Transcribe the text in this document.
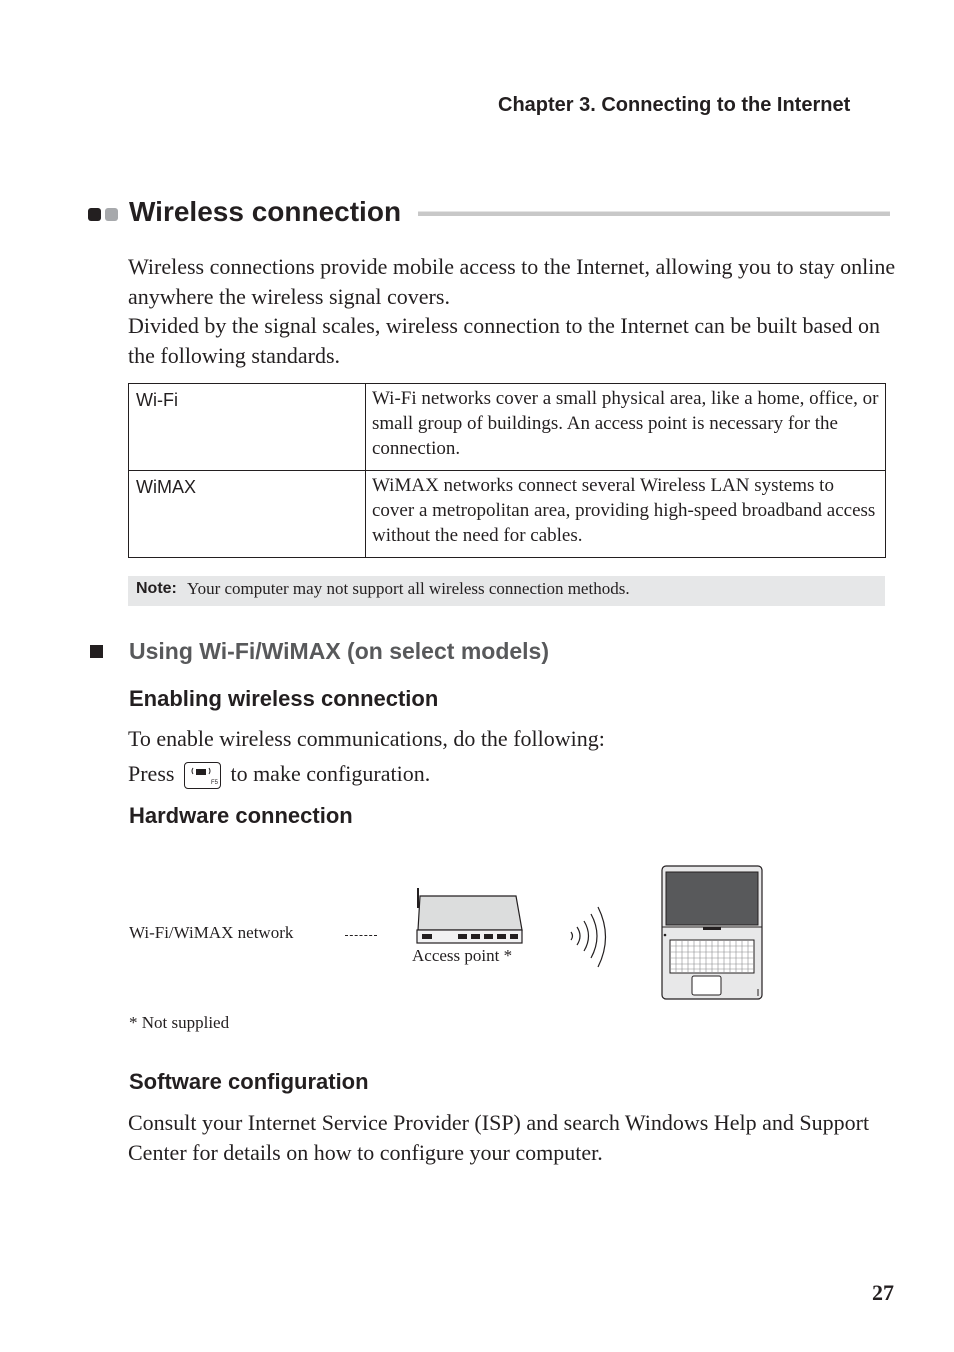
Chapter 3. Connecting to the Internet
Wireless connection
Wireless connections provide mobile access to the Internet, allowing you to stay online anywhere the wireless signal covers.
Divided by the signal scales, wireless connection to the Internet can be built based on the following standards.
Wi-Fi	Wi-Fi networks cover a small physical area, like a home, office, or small group of buildings. An access point is necessary for the connection.
WiMAX	WiMAX networks connect several Wireless LAN systems to cover a metropolitan area, providing high-speed broadband access without the need for cables.
Note: Your computer may not support all wireless connection methods.
Using Wi-Fi/WiMAX (on select models)
Enabling wireless connection
To enable wireless communications, do the following:
Press	F5 to make configuration.
Hardware connection
Wi-Fi/WiMAX network
Access point *
* Not supplied
Software configuration
Consult your Internet Service Provider (ISP) and search Windows Help and Support Center for details on how to configure your computer.
27
